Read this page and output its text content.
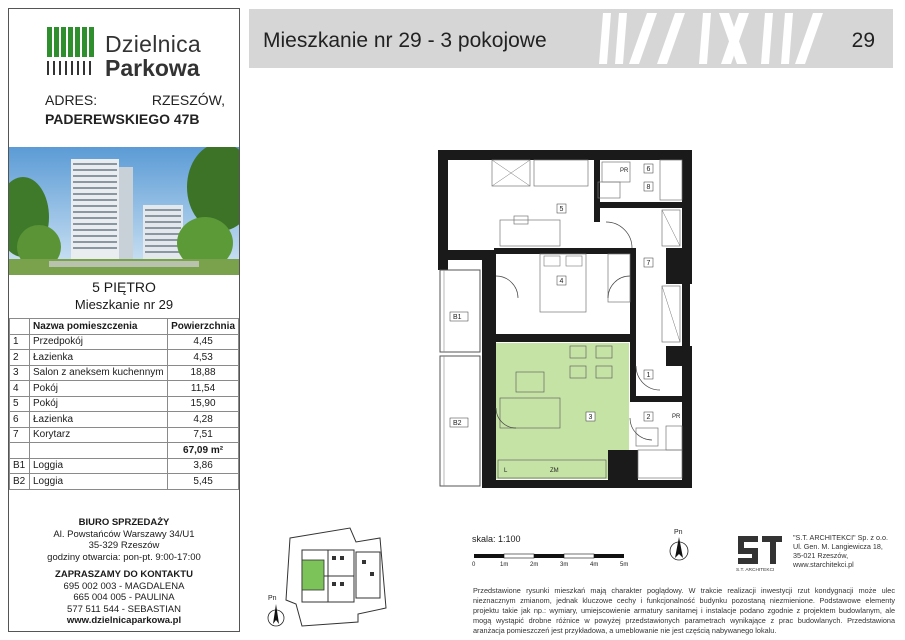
Dzielnica
Parkowa
ADRES:	RZESZÓW,
PADEREWSKIEGO 47B
5 PIĘTRO
Mieszkanie nr 29
	Nazwa pomieszczenia	Powierzchnia
1	Przedpokój	4,45
2	Łazienka	4,53
3	Salon z aneksem kuchennym	18,88
4	Pokój	11,54
5	Pokój	15,90
6	Łazienka	4,28
7	Korytarz	7,51
		67,09 m²
B1	Loggia	3,86
B2	Loggia	5,45
BIURO SPRZEDAŻY
Al. Powstańców Warszawy 34/U1
35-329 Rzeszów
godziny otwarcia: pon-pt. 9:00-17:00
ZAPRASZAMY DO KONTAKTU
695 002 003 - MAGDALENA
665 004 005 - PAULINA
577 511 544 - SEBASTIAN
www.dzielnicaparkowa.pl
Mieszkanie nr 29 - 3 pokojowe	29
5
4
3
7
1
2
6
8
B1
B2
PR
PR
L	ZM
skala: 1:100
0	1m	2m	3m	4m	5m
Pn
S.T. ARCHITEKCI
"S.T. ARCHITEKCI" Sp. z o.o.
Ul. Gen. M. Langiewicza 18,
35-021 Rzeszów,
www.starchitekci.pl
Przedstawione rysunki mieszkań mają charakter poglądowy. W trakcie realizacji inwestycji rzut kondygnacji może ulec nieznacznym zmianom, jednak kluczowe cechy i funkcjonalność budynku pozostaną niezmienione. Podstawowe elementy projektu takie jak np.: wymiary, umiejscowienie armatury sanitarnej i instalacje podano zgodnie z projektem budowlanym, ale mogą wystąpić drobne różnice w powyżej przedstawionych parametrach wynikające z prac budowlanych. Przedstawiona aranżacja pomieszczeń jest przykładowa, a umeblowanie nie jest częścią nabywanego lokalu.
Pn
